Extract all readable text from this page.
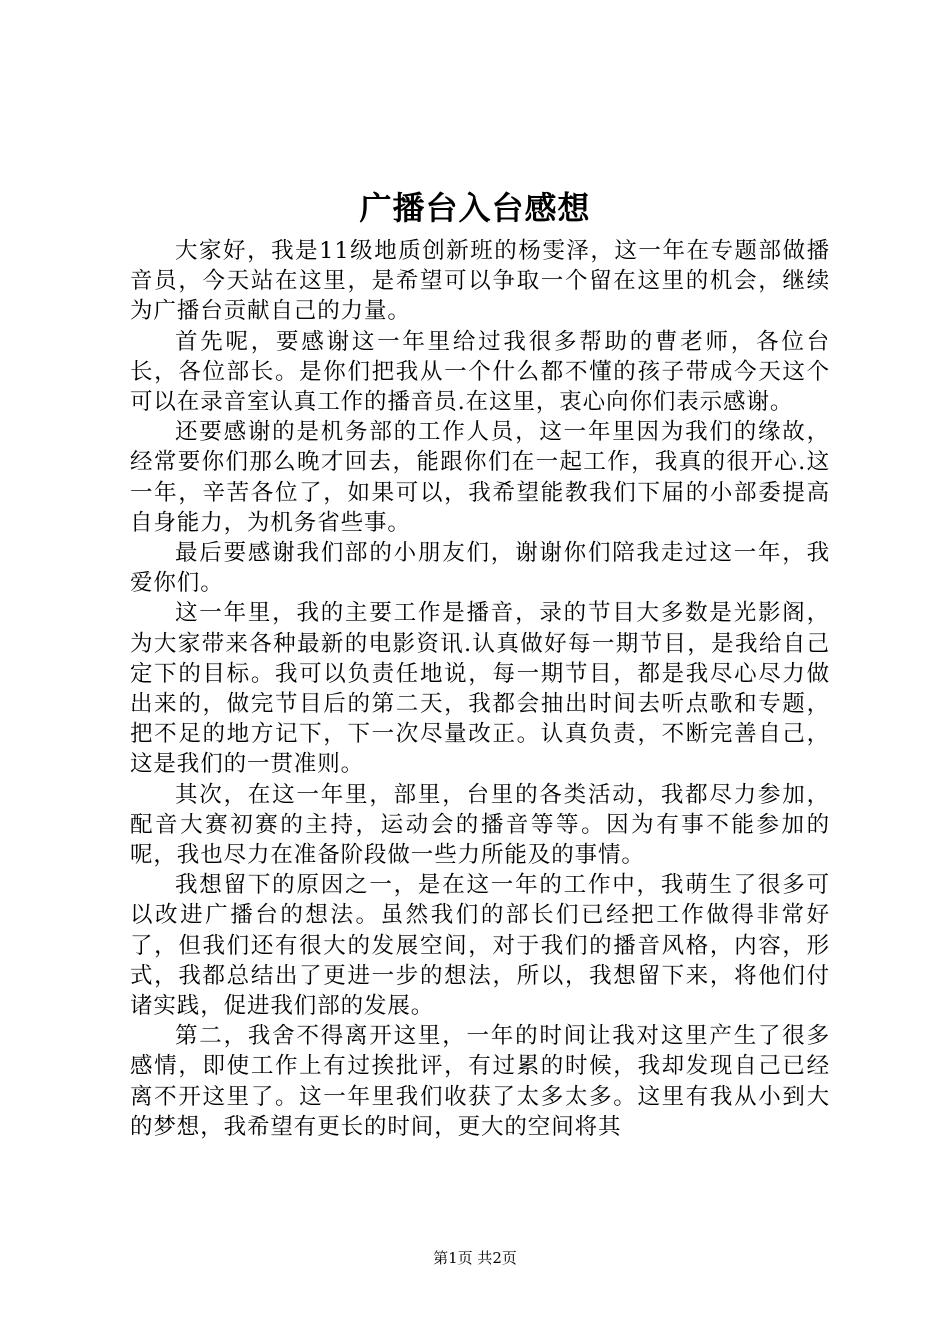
广播台入台感想

大家好，我是11级地质创新班的杨雯泽，这一年在专题部做播音员，今天站在这里，是希望可以争取一个留在这里的机会，继续为广播台贡献自己的力量。

首先呢，要感谢这一年里给过我很多帮助的曹老师，各位台长，各位部长。是你们把我从一个什么都不懂的孩子带成今天这个可以在录音室认真工作的播音员.在这里，衷心向你们表示感谢。

还要感谢的是机务部的工作人员，这一年里因为我们的缘故，经常要你们那么晚才回去，能跟你们在一起工作，我真的很开心.这一年，辛苦各位了，如果可以，我希望能教我们下届的小部委提高自身能力，为机务省些事。

最后要感谢我们部的小朋友们，谢谢你们陪我走过这一年，我爱你们。

这一年里，我的主要工作是播音，录的节目大多数是光影阁，为大家带来各种最新的电影资讯.认真做好每一期节目，是我给自己定下的目标。我可以负责任地说，每一期节目，都是我尽心尽力做出来的，做完节目后的第二天，我都会抽出时间去听点歌和专题，把不足的地方记下，下一次尽量改正。认真负责，不断完善自己，这是我们的一贯准则。

其次，在这一年里，部里，台里的各类活动，我都尽力参加，配音大赛初赛的主持，运动会的播音等等。因为有事不能参加的呢，我也尽力在准备阶段做一些力所能及的事情。

我想留下的原因之一，是在这一年的工作中，我萌生了很多可以改进广播台的想法。虽然我们的部长们已经把工作做得非常好了，但我们还有很大的发展空间，对于我们的播音风格，内容，形式，我都总结出了更进一步的想法，所以，我想留下来，将他们付诸实践，促进我们部的发展。

第二，我舍不得离开这里，一年的时间让我对这里产生了很多感情，即使工作上有过挨批评，有过累的时候，我却发现自己已经离不开这里了。这一年里我们收获了太多太多。这里有我从小到大的梦想，我希望有更长的时间，更大的空间将其

第1页 共2页
